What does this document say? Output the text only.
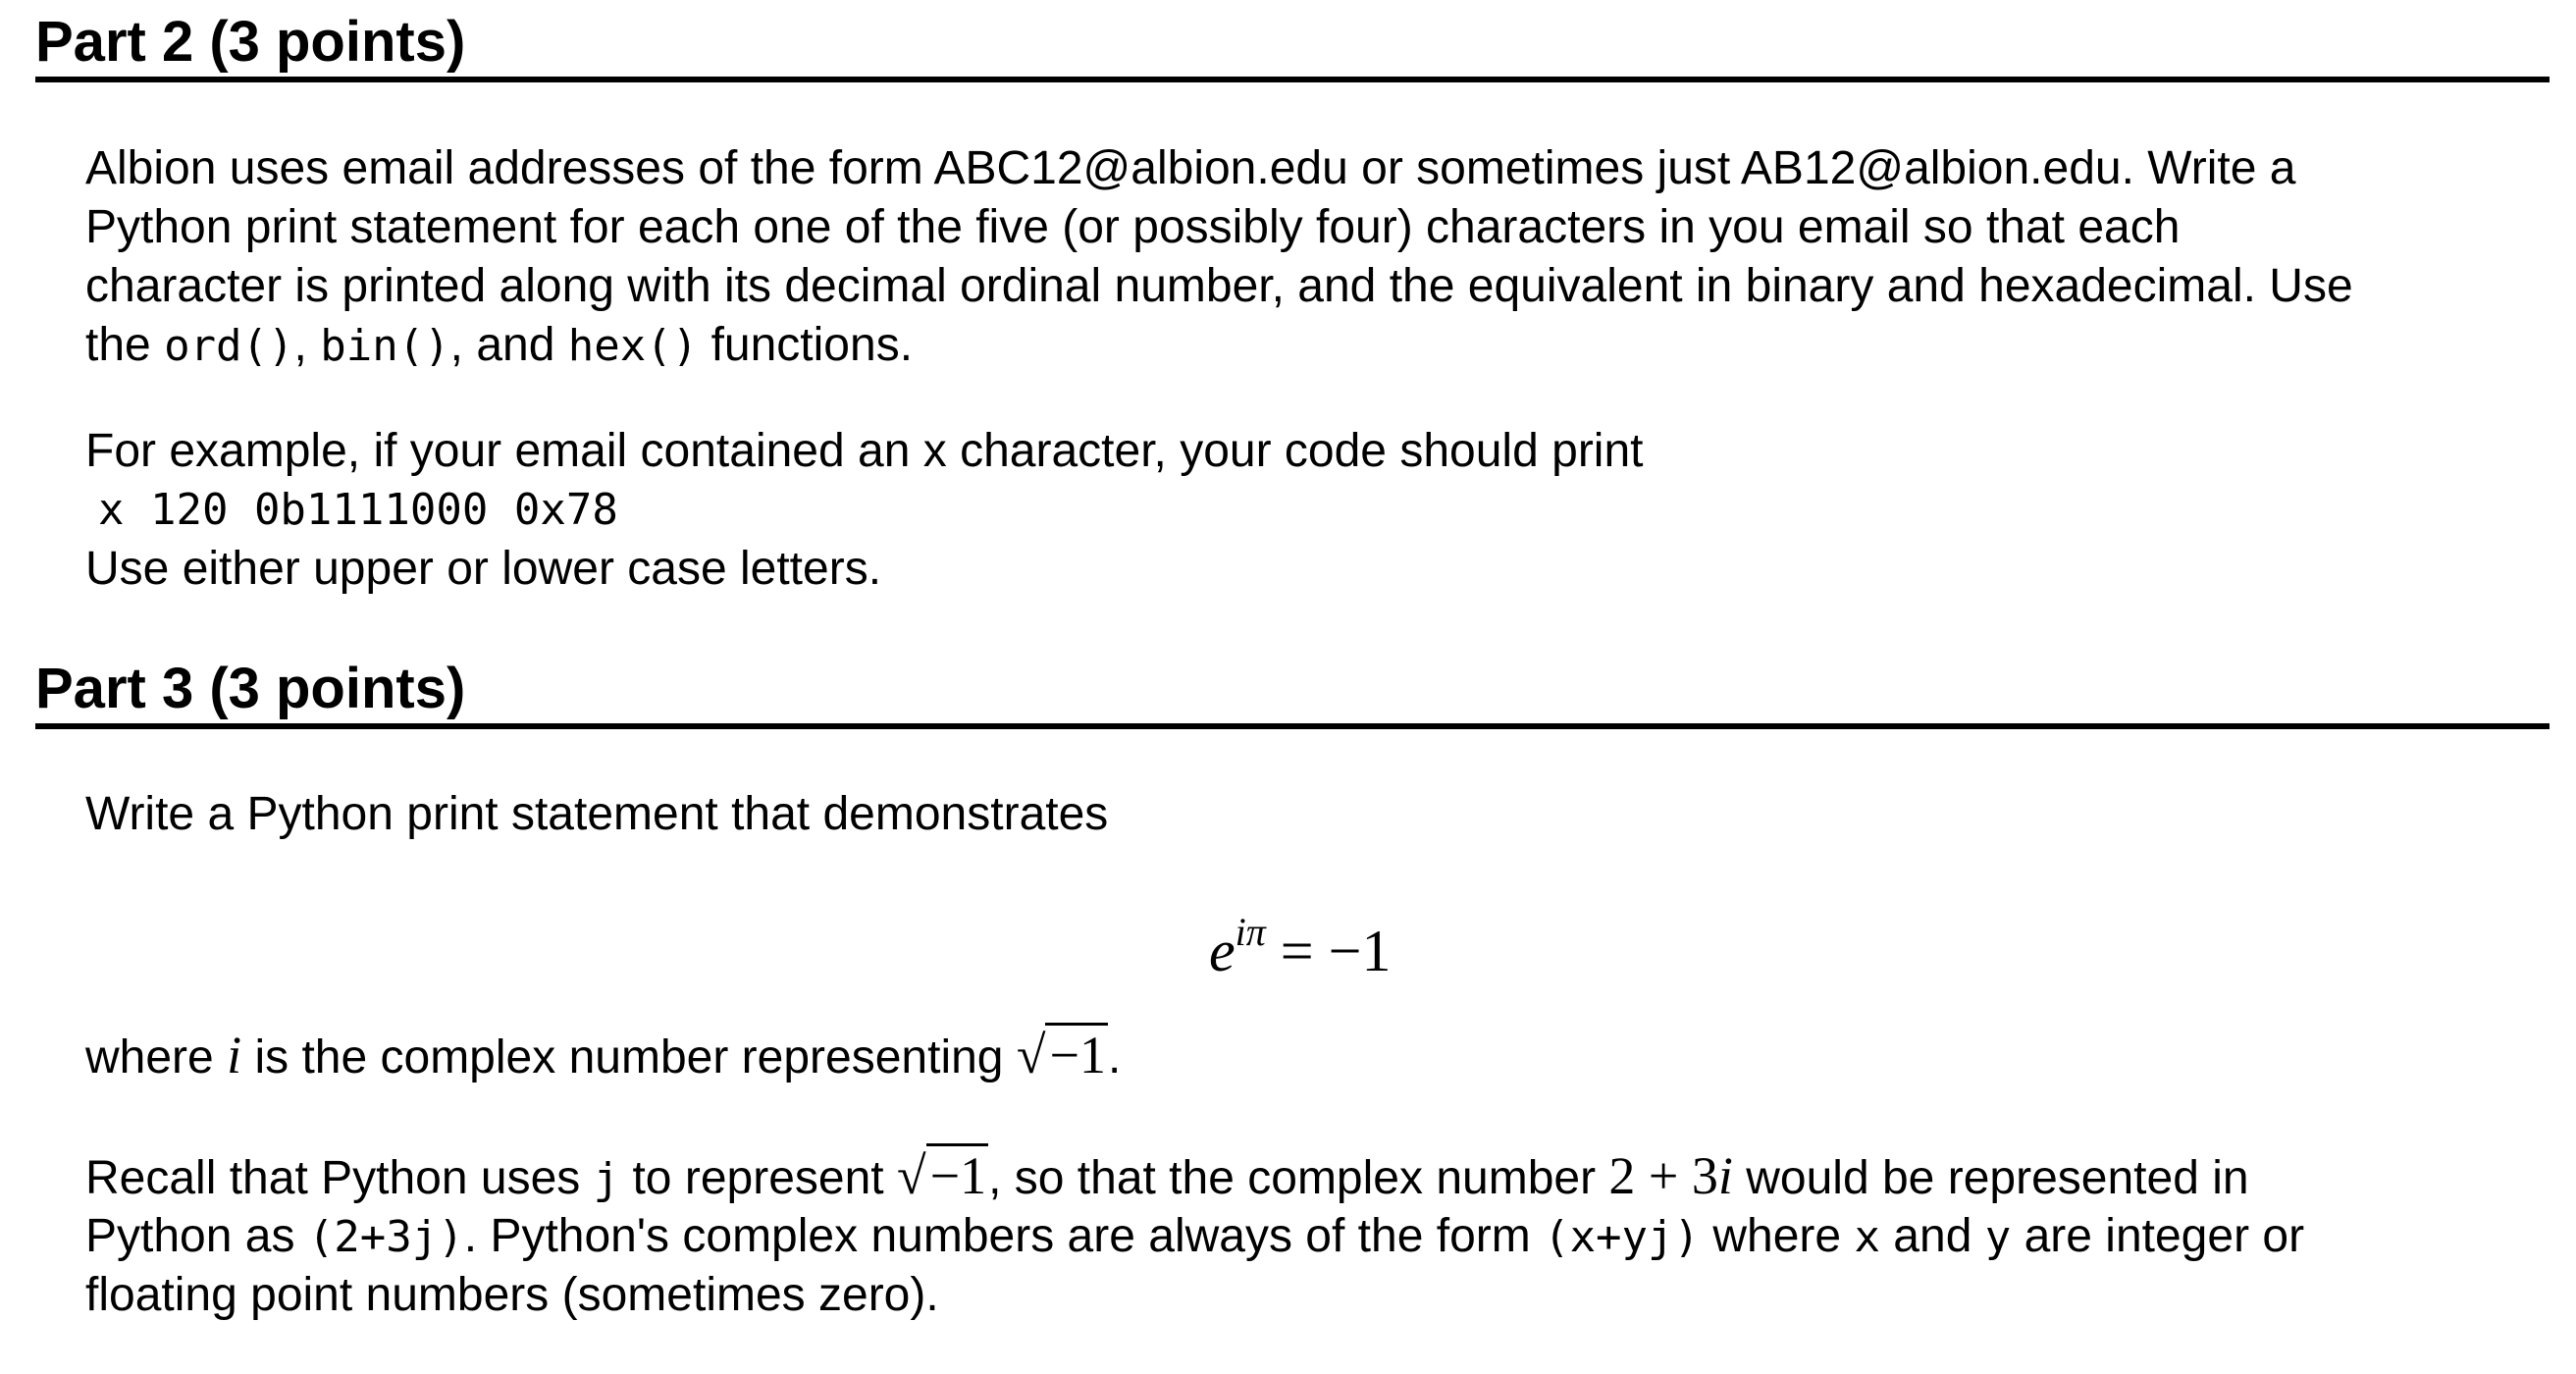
Part 2 (3 points)
Albion uses email addresses of the form ABC12@albion.edu or sometimes just AB12@albion.edu. Write a
Python print statement for each one of the five (or possibly four) characters in you email so that each
character is printed along with its decimal ordinal number, and the equivalent in binary and hexadecimal. Use
the ord(), bin(), and hex() functions.
For example, if your email contained an x character, your code should print
x 120 0b1111000 0x78
Use either upper or lower case letters.
Part 3 (3 points)
Write a Python print statement that demonstrates
$e^{i\pi} = -1$
where i is the complex number representing √−1.
Recall that Python uses j to represent √−1, so that the complex number 2 + 3i would be represented in
Python as (2+3j). Python's complex numbers are always of the form (x+yj) where x and y are integer or
floating point numbers (sometimes zero).
